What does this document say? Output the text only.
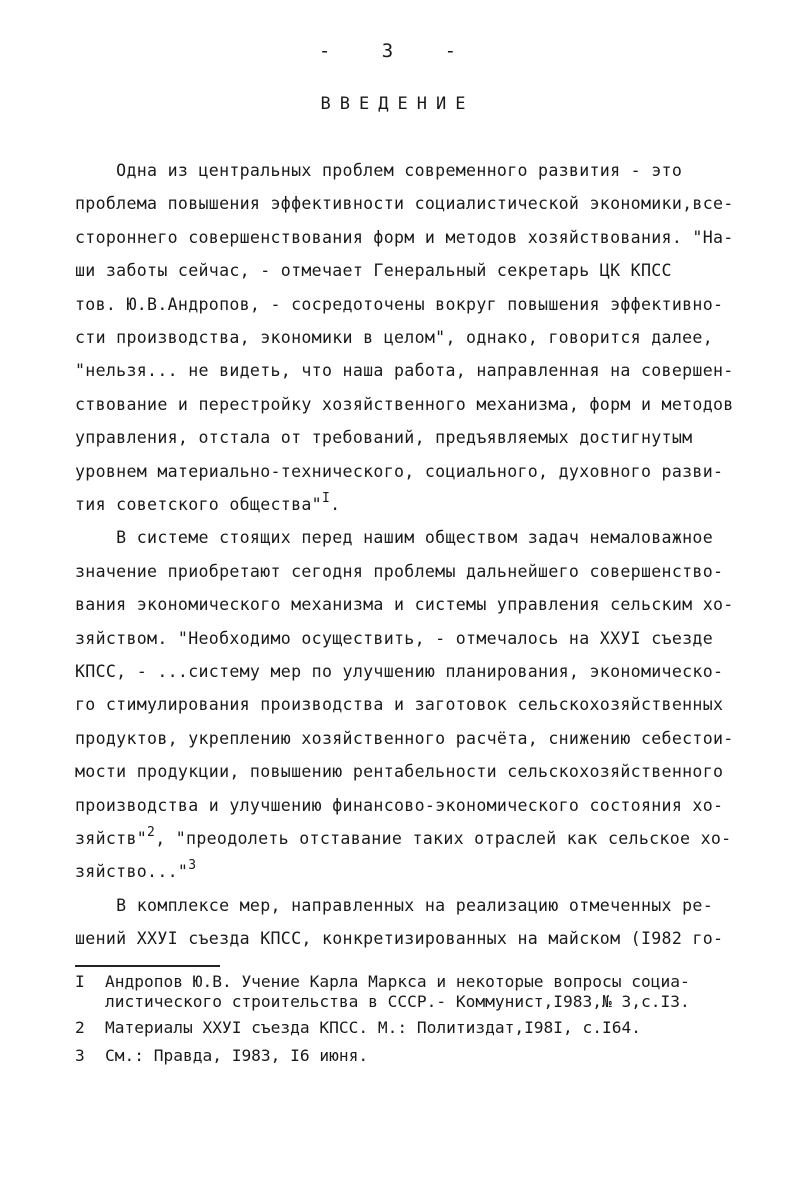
- 3 -
ВВЕДЕНИЕ
Одна из центральных проблем современного развития - это
проблема повышения эффективности социалистической экономики,все-
стороннего совершенствования форм и методов хозяйствования. "На-
ши заботы сейчас, - отмечает Генеральный секретарь ЦК КПСС
тов. Ю.В.Андропов, - сосредоточены вокруг повышения эффективно-
сти производства, экономики в целом", однако, говорится далее,
"нельзя... не видеть, что наша работа, направленная на совершен-
ствование и перестройку хозяйственного механизма, форм и методов
управления, отстала от требований, предъявляемых достигнутым
уровнем материально-технического, социального, духовного разви-
тия советского общества"$^I$.
В системе стоящих перед нашим обществом задач немаловажное
значение приобретают сегодня проблемы дальнейшего совершенство-
вания экономического механизма и системы управления сельским хо-
зяйством. "Необходимо осуществить, - отмечалось на XXУI съезде
КПСС, - ...систему мер по улучшению планирования, экономическо-
го стимулирования производства и заготовок сельскохозяйственных
продуктов, укреплению хозяйственного расчёта, снижению себестои-
мости продукции, повышению рентабельности сельскохозяйственного
производства и улучшению финансово-экономического состояния хо-
зяйств"$^2$, "преодолеть отставание таких отраслей как сельское хо-
зяйство..."$^3$
В комплексе мер, направленных на реализацию отмеченных ре-
шений XXУI съезда КПСС, конкретизированных на майском (I982 го-
I Андропов Ю.В. Учение Карла Маркса и некоторые вопросы социа-
листического строительства в СССР.- Коммунист,I983,№ 3,с.I3.
2 Материалы XXУI съезда КПСС. М.: Политиздат,I98I, с.I64.
3 См.: Правда, I983, I6 июня.
